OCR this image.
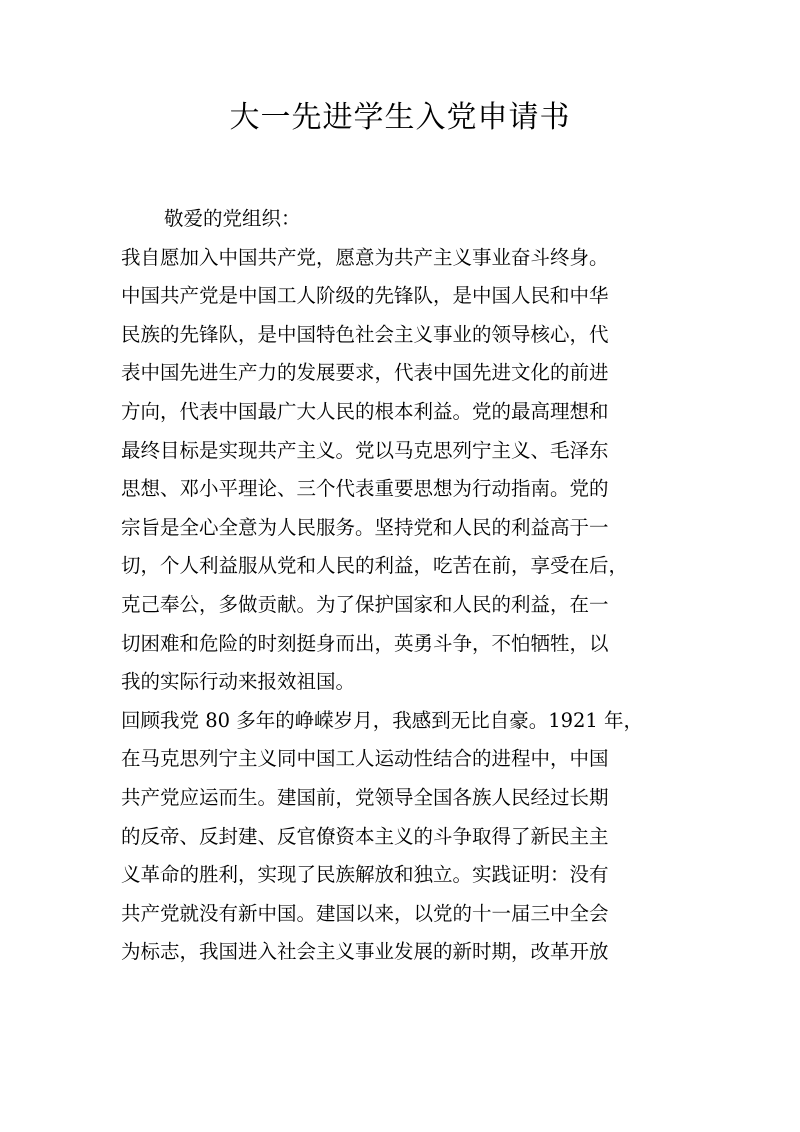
大一先进学生入党申请书
敬爱的党组织：
我自愿加入中国共产党，愿意为共产主义事业奋斗终身。
中国共产党是中国工人阶级的先锋队，是中国人民和中华
民族的先锋队，是中国特色社会主义事业的领导核心，代
表中国先进生产力的发展要求，代表中国先进文化的前进
方向，代表中国最广大人民的根本利益。党的最高理想和
最终目标是实现共产主义。党以马克思列宁主义、毛泽东
思想、邓小平理论、三个代表重要思想为行动指南。党的
宗旨是全心全意为人民服务。坚持党和人民的利益高于一
切，个人利益服从党和人民的利益，吃苦在前，享受在后，
克己奉公，多做贡献。为了保护国家和人民的利益，在一
切困难和危险的时刻挺身而出，英勇斗争，不怕牺牲，以
我的实际行动来报效祖国。
回顾我党 80 多年的峥嵘岁月，我感到无比自豪。1921 年，
在马克思列宁主义同中国工人运动性结合的进程中，中国
共产党应运而生。建国前，党领导全国各族人民经过长期
的反帝、反封建、反官僚资本主义的斗争取得了新民主主
义革命的胜利，实现了民族解放和独立。实践证明：没有
共产党就没有新中国。建国以来，以党的十一届三中全会
为标志，我国进入社会主义事业发展的新时期，改革开放
